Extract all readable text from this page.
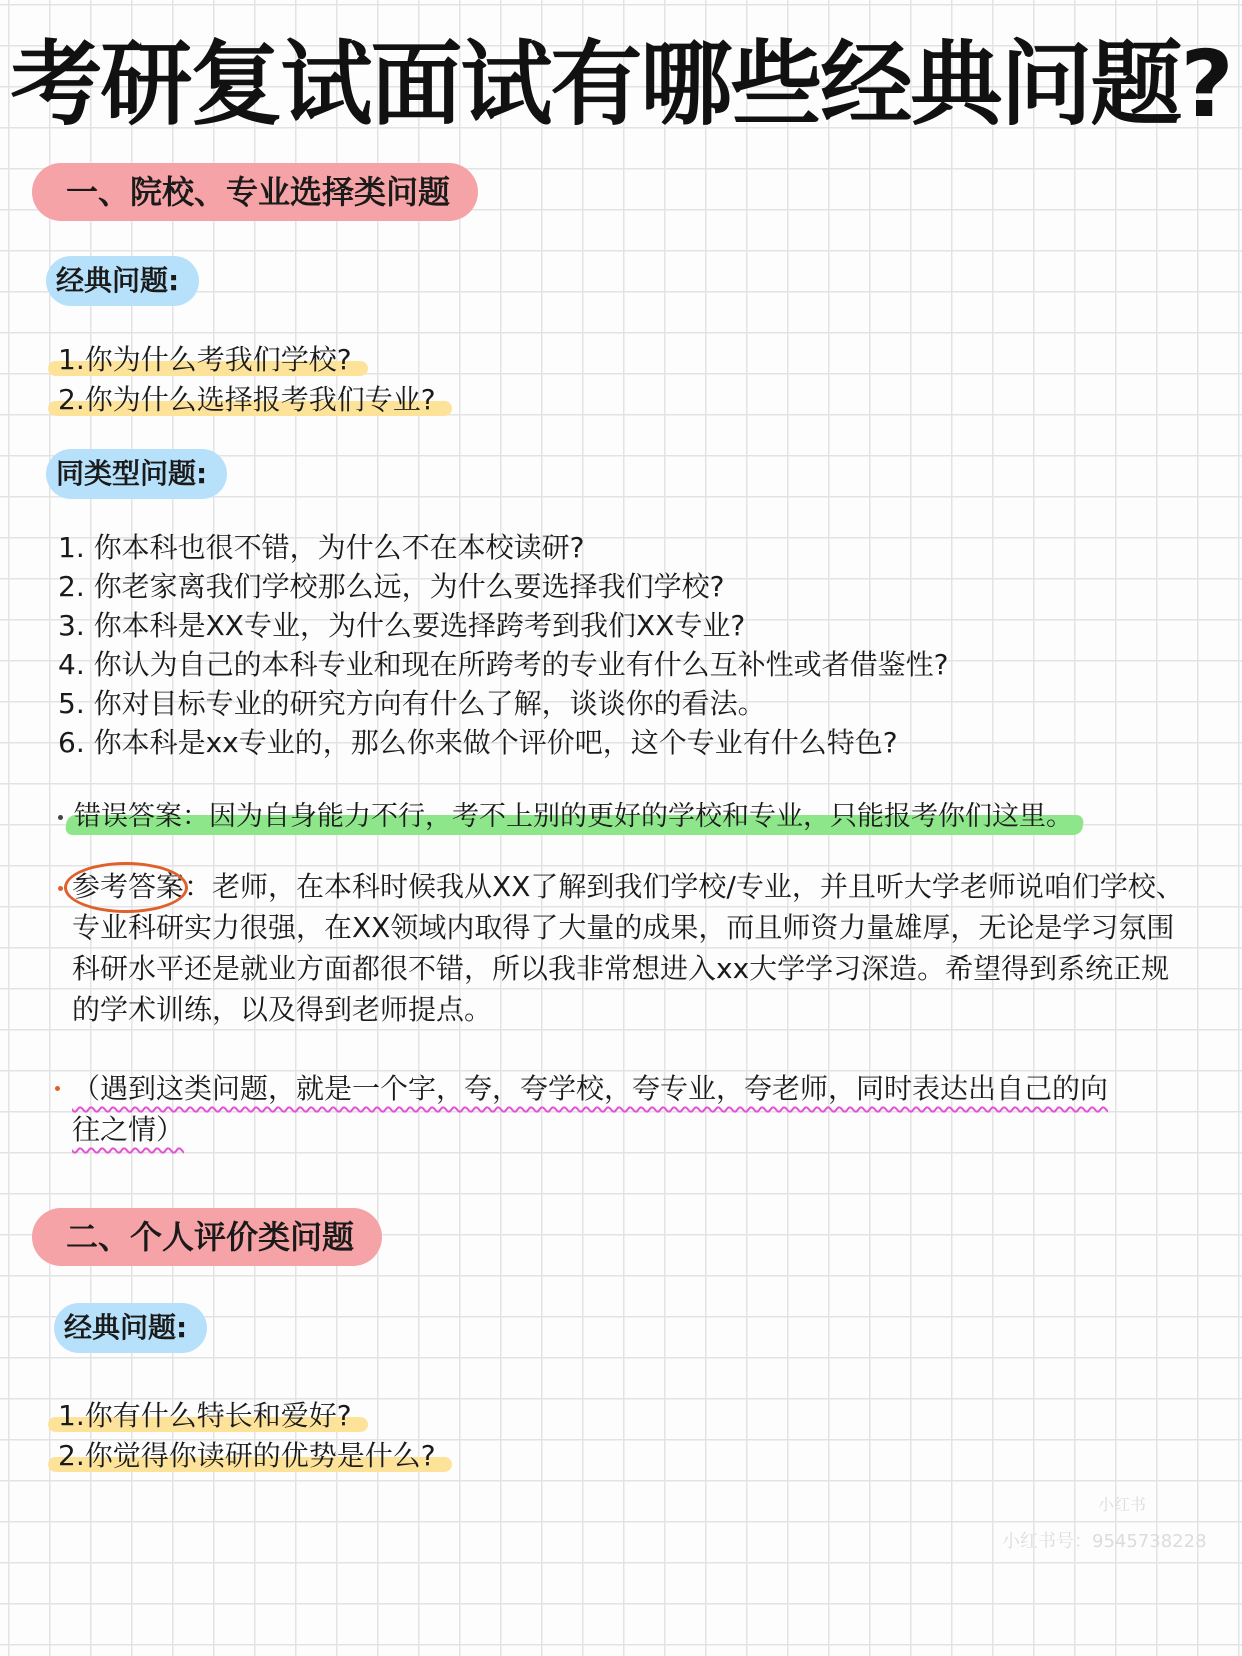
考研复试面试有哪些经典问题?
一、院校、专业选择类问题
经典问题:
1.你为什么考我们学校?
2.你为什么选择报考我们专业?
同类型问题:
1. 你本科也很不错，为什么不在本校读研?
2. 你老家离我们学校那么远，为什么要选择我们学校?
3. 你本科是XX专业，为什么要选择跨考到我们XX专业?
4. 你认为自己的本科专业和现在所跨考的专业有什么互补性或者借鉴性?
5. 你对目标专业的研究方向有什么了解，谈谈你的看法。
6. 你本科是xx专业的，那么你来做个评价吧，这个专业有什么特色?
错误答案：因为自身能力不行，考不上别的更好的学校和专业，只能报考你们这里。

参考答案：老师，在本科时候我从XX了解到我们学校/专业，并且听大学老师说咱们学校、专业科研实力很强，在XX领域内取得了大量的成果，而且师资力量雄厚，无论是学习氛围科研水平还是就业方面都很不错，所以我非常想进入xx大学学习深造。希望得到系统正规的学术训练，以及得到老师提点。

（遇到这类问题，就是一个字，夸，夸学校，夸专业，夸老师，同时表达出自己的向往之情）

二、个人评价类问题
经典问题:
1.你有什么特长和爱好?
2.你觉得你读研的优势是什么?
小红书
小红书号：9545738228
